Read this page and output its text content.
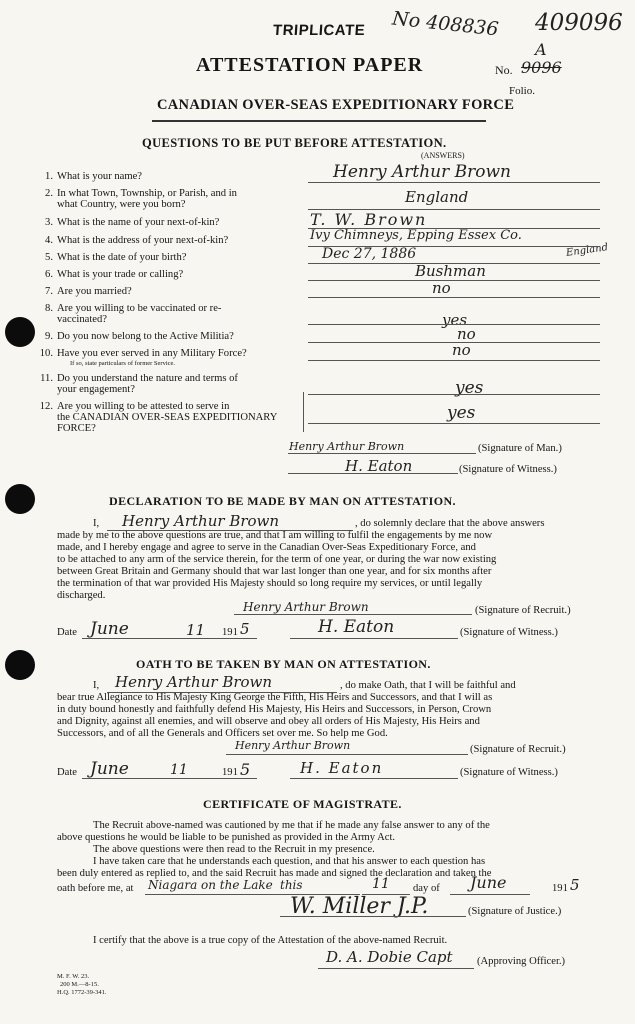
TRIPLICATE No 408836 409096
ATTESTATION PAPER	No.
A
9096
Folio.
CANADIAN OVER-SEAS EXPEDITIONARY FORCE
QUESTIONS TO BE PUT BEFORE ATTESTATION.
(ANSWERS)
1. What is your name?	Henry Arthur Brown
2. In what Town, Township, or Parish, and in
what Country, were you born?	England
3. What is the name of your next-of-kin?	T. W. Brown
4. What is the address of your next-of-kin?	Ivy Chimneys, Epping Essex Co.
England
5. What is the date of your birth?	Dec 27, 1886
6. What is your trade or calling?	Bushman
7. Are you married?	no
8. Are you willing to be vaccinated or re-
vaccinated?	yes
9. Do you now belong to the Active Militia?	no
10. Have you ever served in any Military Force?
If so, state particulars of former Service.
no
11. Do you understand the nature and terms of
your engagement?	yes
12. Are you willing to be attested to serve in
the CANADIAN OVER-SEAS EXPEDITIONARY
FORCE?
yes
Henry Arthur Brown	(Signature of Man.)
H. Eaton	(Signature of Witness.)
DECLARATION TO BE MADE BY MAN ON ATTESTATION.
I, Henry Arthur Brown	, do solemnly declare that the above answers
made by me to the above questions are true, and that I am willing to fulfil the engagements by me now
made, and I hereby engage and agree to serve in the Canadian Over-Seas Expeditionary Force, and
to be attached to any arm of the service therein, for the term of one year, or during the war now existing
between Great Britain and Germany should that war last longer than one year, and for six months after
the termination of that war provided His Majesty should so long require my services, or until legally
discharged.
Henry Arthur Brown	(Signature of Recruit.)
Date June	11 191 5	H. Eaton	(Signature of Witness.)
OATH TO BE TAKEN BY MAN ON ATTESTATION.
I, Henry Arthur Brown	, do make Oath, that I will be faithful and
bear true Allegiance to His Majesty King George the Fifth, His Heirs and Successors, and that I will as
in duty bound honestly and faithfully defend His Majesty, His Heirs and Successors, in Person, Crown
and Dignity, against all enemies, and will observe and obey all orders of His Majesty, His Heirs and
Successors, and of all the Generals and Officers set over me. So help me God.
Henry Arthur Brown	(Signature of Recruit.)
Date June	11	191 5	H. Eaton	(Signature of Witness.)
CERTIFICATE OF MAGISTRATE.
The Recruit above-named was cautioned by me that if he made any false answer to any of the
above questions he would be liable to be punished as provided in the Army Act.
The above questions were then read to the Recruit in my presence.
I have taken care that he understands each question, and that his answer to each question has
been duly entered as replied to, and the said Recruit has made and signed the declaration and taken the
oath before me, at Niagara on the Lake this	11 day of June	191 5
W. Miller J.P.	(Signature of Justice.)
I certify that the above is a true copy of the Attestation of the above-named Recruit.
D. A. Dobie Capt (Approving Officer.)
M. F. W. 23.
200 M.—8-15.
H.Q. 1772-39-341.
